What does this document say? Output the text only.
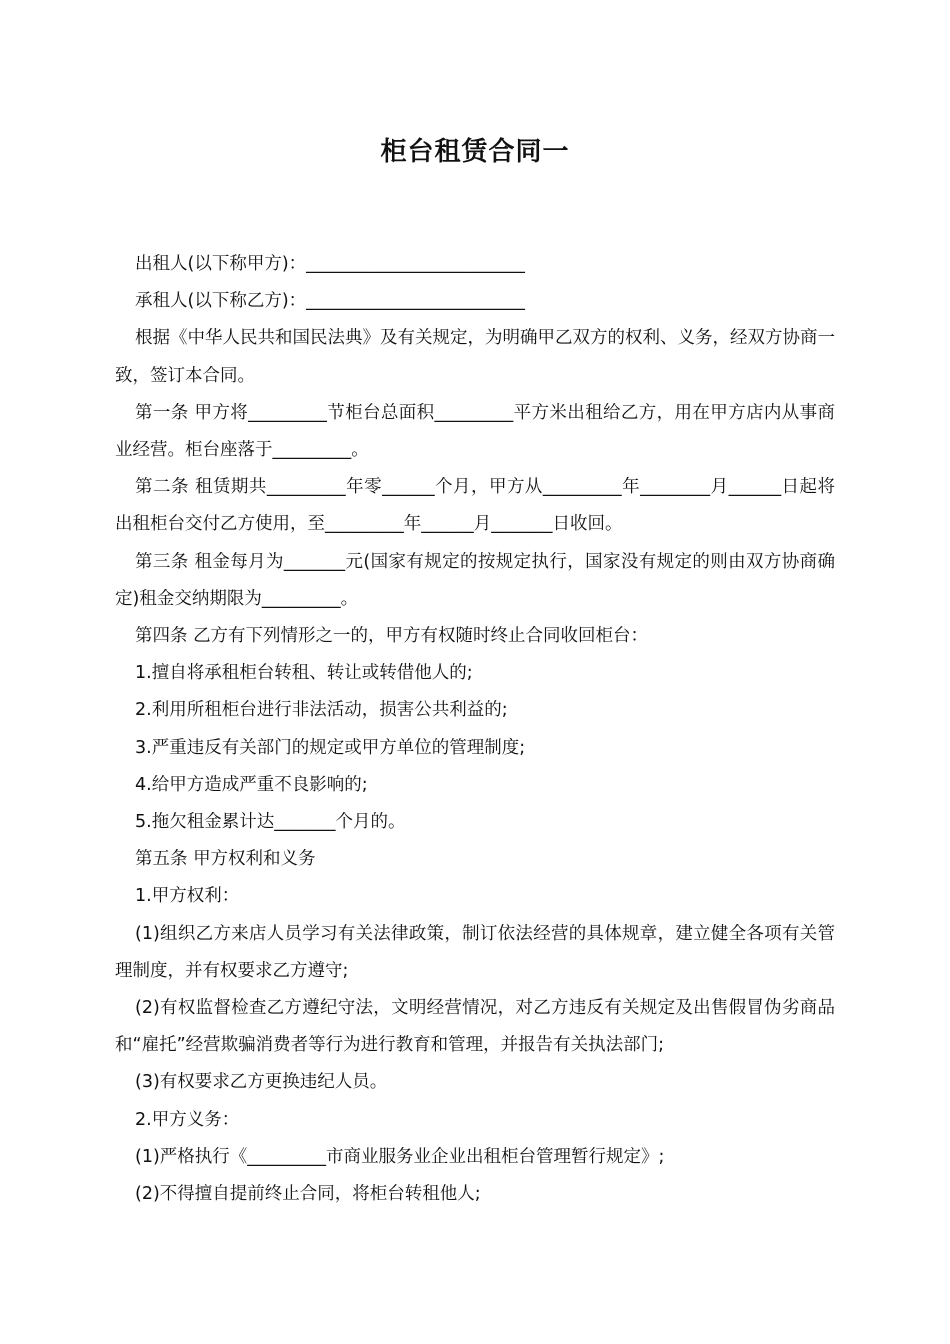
柜台租赁合同一

出租人(以下称甲方)：_________________________

承租人(以下称乙方)：_________________________

根据《中华人民共和国民法典》及有关规定，为明确甲乙双方的权利、义务，经双方协商一致，签订本合同。

第一条 甲方将_________节柜台总面积_________平方米出租给乙方，用在甲方店内从事商业经营。柜台座落于_________。

第二条 租赁期共_________年零______个月，甲方从_________年________月______日起将出租柜台交付乙方使用，至_________年______月_______日收回。

第三条 租金每月为_______元(国家有规定的按规定执行，国家没有规定的则由双方协商确定)租金交纳期限为_________。

第四条 乙方有下列情形之一的，甲方有权随时终止合同收回柜台：

1.擅自将承租柜台转租、转让或转借他人的;

2.利用所租柜台进行非法活动，损害公共利益的;

3.严重违反有关部门的规定或甲方单位的管理制度;

4.给甲方造成严重不良影响的;

5.拖欠租金累计达_______个月的。

第五条 甲方权利和义务

1.甲方权利：

(1)组织乙方来店人员学习有关法律政策，制订依法经营的具体规章，建立健全各项有关管理制度，并有权要求乙方遵守;

(2)有权监督检查乙方遵纪守法，文明经营情况，对乙方违反有关规定及出售假冒伪劣商品和“雇托”经营欺骗消费者等行为进行教育和管理，并报告有关执法部门;

(3)有权要求乙方更换违纪人员。

2.甲方义务：

(1)严格执行《_________市商业服务业企业出租柜台管理暂行规定》;

(2)不得擅自提前终止合同，将柜台转租他人;
